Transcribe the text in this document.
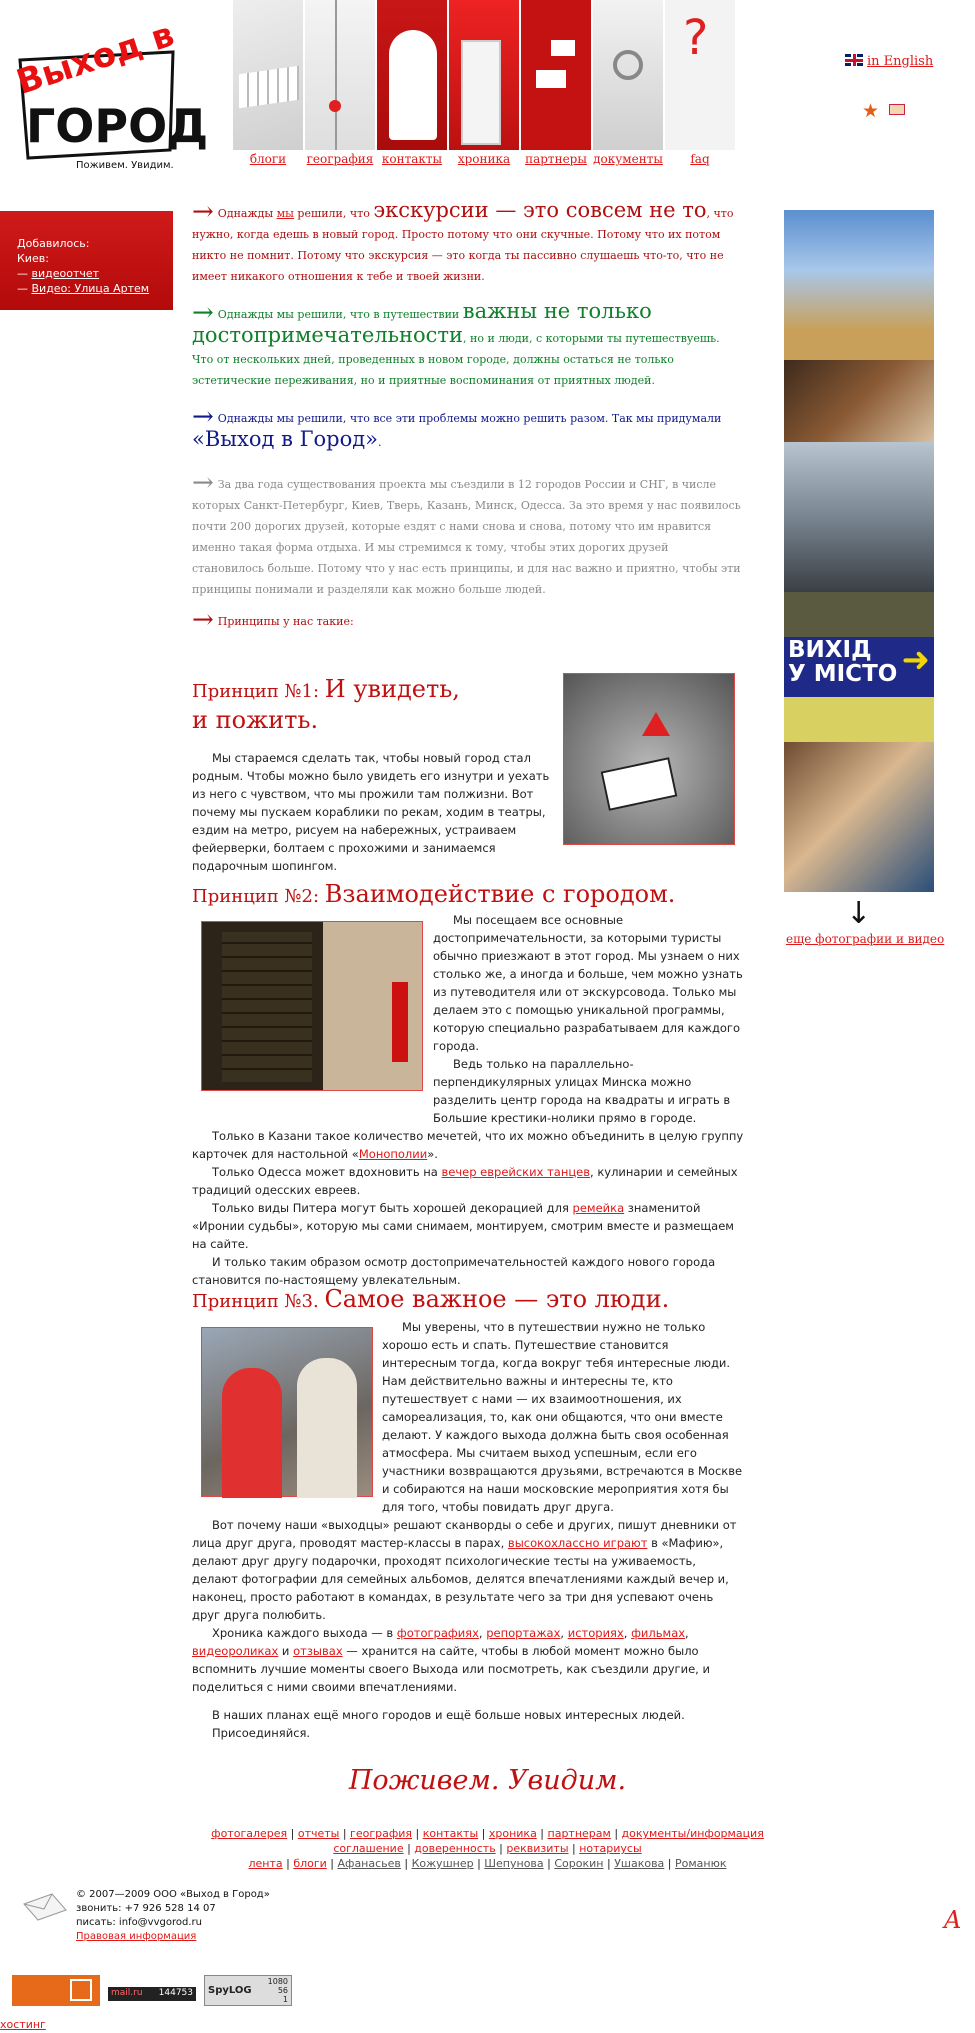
Выход в
ГОРОД
Поживем. Увидим.
?
блоги	география контакты	хроника	партнеры документы	faq
in English
★
Добавилось:
Киев:
— видеоотчет
— Видео: Улица Артем
→ Однажды мы решили, что экскурсии — это совсем не то, что нужно, когда едешь в новый город. Просто потому что они скучные. Потому что их потом никто не помнит. Потому что экскурсия — это когда ты пассивно слушаешь что-то, что не имеет никакого отношения к тебе и твоей жизни.
→ Однажды мы решили, что в путешествии важны не только достопримечательности, но и люди, с которыми ты путешествуешь. Что от нескольких дней, проведенных в новом городе, должны остаться не только эстетические переживания, но и приятные воспоминания от приятных людей.
→ Однажды мы решили, что все эти проблемы можно решить разом. Так мы придумали «Выход в Город».
→ За два года существования проекта мы съездили в 12 городов России и СНГ, в числе которых Санкт-Петербург, Киев, Тверь, Казань, Минск, Одесса. За это время у нас появилось почти 200 дорогих друзей, которые ездят с нами снова и снова, потому что им нравится именно такая форма отдыха. И мы стремимся к тому, чтобы этих дорогих друзей становилось больше. Потому что у нас есть принципы, и для нас важно и приятно, чтобы эти принципы понимали и разделяли как можно больше людей.
→ Принципы у нас такие:
Принцип №1: И увидеть,
и пожить.
Мы стараемся сделать так, чтобы новый город стал родным. Чтобы можно было увидеть его изнутри и уехать из него с чувством, что мы прожили там полжизни. Вот почему мы пускаем кораблики по рекам, ходим в театры, ездим на метро, рисуем на набережных, устраиваем фейерверки, болтаем с прохожими и занимаемся подарочным шопингом.
Принцип №2: Взаимодействие с городом.
Мы посещаем все основные достопримечательности, за которыми туристы обычно приезжают в этот город. Мы узнаем о них столько же, а иногда и больше, чем можно узнать из путеводителя или от экскурсовода. Только мы делаем это с помощью уникальной программы, которую специально разрабатываем для каждого города.
Ведь только на параллельно-перпендикулярных улицах Минска можно разделить центр города на квадраты и играть в Большие крестики-нолики прямо в городе.
Только в Казани такое количество мечетей, что их можно объединить в целую группу карточек для настольной «Монополии».
Только Одесса может вдохновить на вечер еврейских танцев, кулинарии и семейных традиций одесских евреев.
Только виды Питера могут быть хорошей декорацией для ремейка знаменитой «Иронии судьбы», которую мы сами снимаем, монтируем, смотрим вместе и размещаем на сайте.
И только таким образом осмотр достопримечательностей каждого нового города становится по-настоящему увлекательным.
Принцип №3. Самое важное — это люди.
Мы уверены, что в путешествии нужно не только хорошо есть и спать. Путешествие становится интересным тогда, когда вокруг тебя интересные люди. Нам действительно важны и интересны те, кто путешествует с нами — их взаимоотношения, их самореализация, то, как они общаются, что они вместе делают. У каждого выхода должна быть своя особенная атмосфера. Мы считаем выход успешным, если его участники возвращаются друзьями, встречаются в Москве и собираются на наши московские мероприятия хотя бы для того, чтобы повидать друг друга.
Вот почему наши «выходцы» решают сканворды о себе и других, пишут дневники от лица друг друга, проводят мастер-классы в парах, высокохлассно играют в «Мафию», делают друг другу подарочки, проходят психологические тесты на уживаемость, делают фотографии для семейных альбомов, делятся впечатлениями каждый вечер и, наконец, просто работают в командах, в результате чего за три дня успевают очень друг друга полюбить.
Хроника каждого выхода — в фотографиях, репортажах, историях, фильмах, видеороликах и отзывах — хранится на сайте, чтобы в любой момент можно было вспомнить лучшие моменты своего Выхода или посмотреть, как съездили другие, и поделиться с ними своими впечатлениями.
В наших планах ещё много городов и ещё больше новых интересных людей. Присоединяйся.
ВИХІД
У МІСТО ➜
↓
еще фотографии и видео
Поживем. Увидим.
фотогалерея | отчеты | география | контакты | хроника | партнерам | документы/информация
соглашение | доверенность | реквизиты | нотариусы
лента | блоги | Афанасьев | Кожушнер | Шепунова | Сорокин | Ушакова | Романюк
© 2007—2009 ООО «Выход в Город»
звонить: +7 926 528 14 07
писать: info@vvgorod.ru
Правовая информация
A
mail.ru 144753 SpyLOG
1080
56
1
хостинг
